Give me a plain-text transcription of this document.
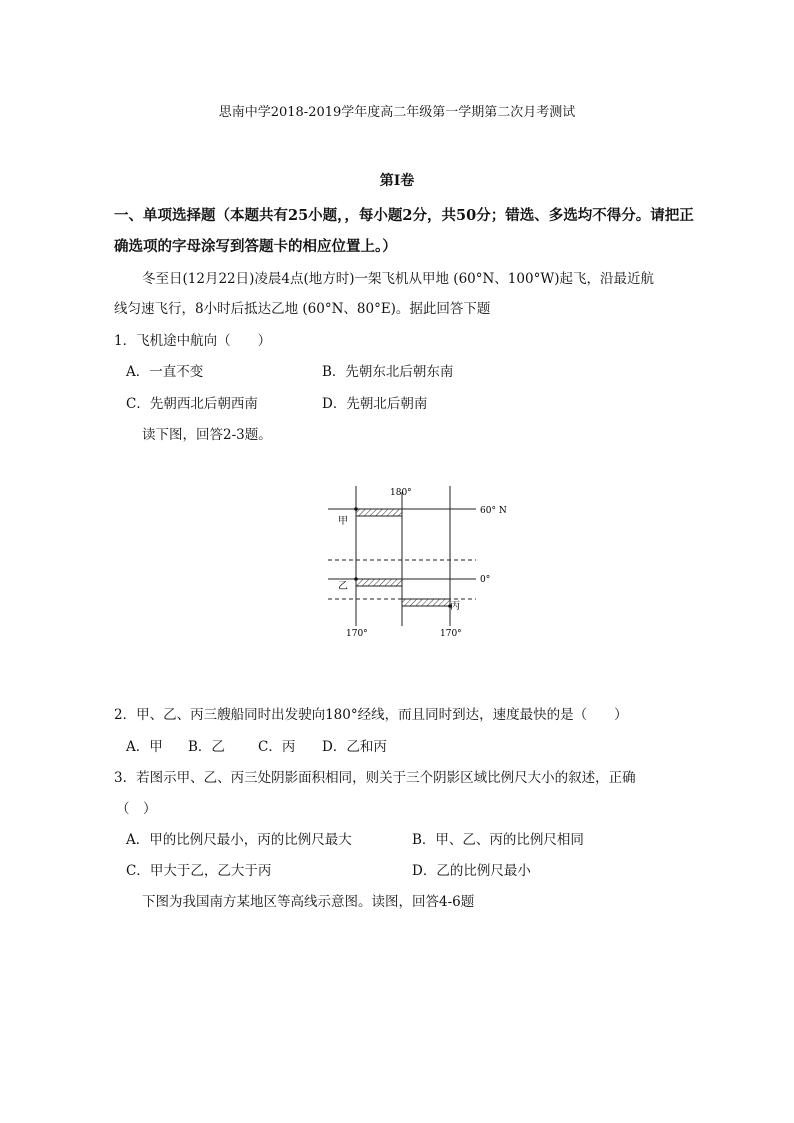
思南中学2018-2019学年度高二年级第一学期第二次月考测试
第Ⅰ卷
一、单项选择题（本题共有25小题，，每小题2分，共50分；错选、多选均不得分。请把正
确选项的字母涂写到答题卡的相应位置上。）
冬至日(12月22日)凌晨4点(地方时)一架飞机从甲地 (60°N、100°W)起飞，沿最近航
线匀速飞行，8小时后抵达乙地 (60°N、80°E)。据此回答下题
1．飞机途中航向（　　）
A．一直不变	B．先朝东北后朝东南
C．先朝西北后朝西南	D．先朝北后朝南
读下图，回答2-3题。
180°
60° N
0°
170°	170°
甲
乙
丙
2．甲、乙、丙三艘船同时出发驶向180°经线，而且同时到达，速度最快的是（　　）
A．甲 B．乙 C．丙 D．乙和丙
3．若图示甲、乙、丙三处阴影面积相同，则关于三个阴影区域比例尺大小的叙述，正确
（　）
A．甲的比例尺最小，丙的比例尺最大	B．甲、乙、丙的比例尺相同
C．甲大于乙，乙大于丙	D．乙的比例尺最小
下图为我国南方某地区等高线示意图。读图，回答4-6题
